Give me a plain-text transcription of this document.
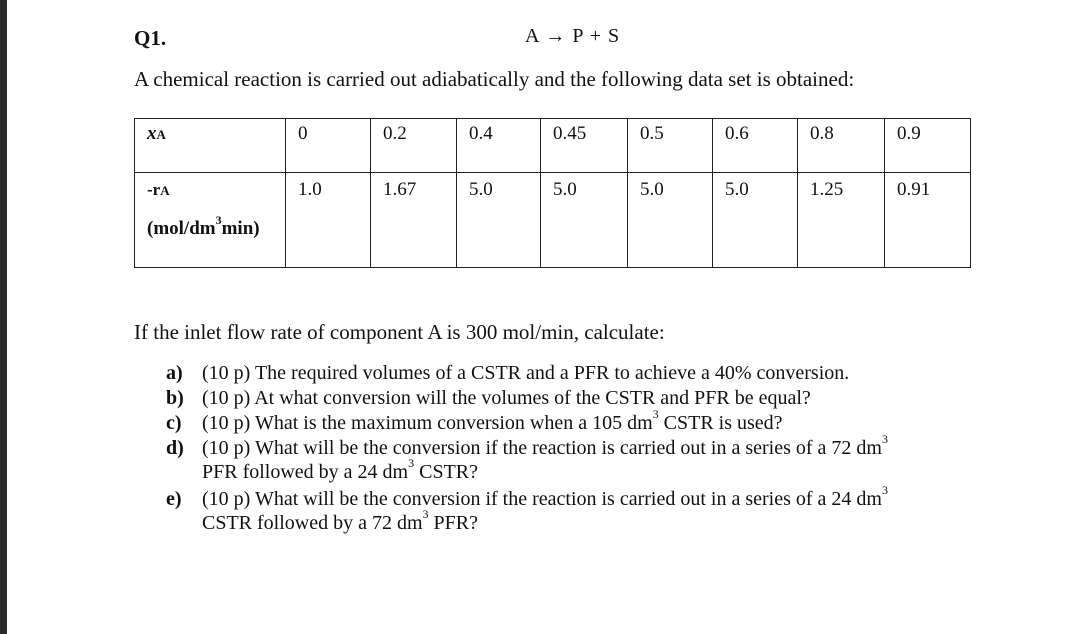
Q1.	A → P + S

A chemical reaction is carried out adiabatically and the following data set is obtained:

xA	0	0.2	0.4	0.45	0.5	0.6	0.8	0.9
-rA
$(mol/dm^3\min)$	1.0	1.67	5.0	5.0	5.0	5.0	1.25	0.91

If the inlet flow rate of component A is 300 mol/min, calculate:

a) (10 p) The required volumes of a CSTR and a PFR to achieve a 40% conversion.
b) (10 p) At what conversion will the volumes of the CSTR and PFR be equal?
c) (10 p) What is the maximum conversion when a 105 $dm^3$ CSTR is used?
d) (10 p) What will be the conversion if the reaction is carried out in a series of a 72 $dm^3$
PFR followed by a 24 $dm^3$ CSTR?
e) (10 p) What will be the conversion if the reaction is carried out in a series of a 24 $dm^3$
CSTR followed by a 72 $dm^3$ PFR?
